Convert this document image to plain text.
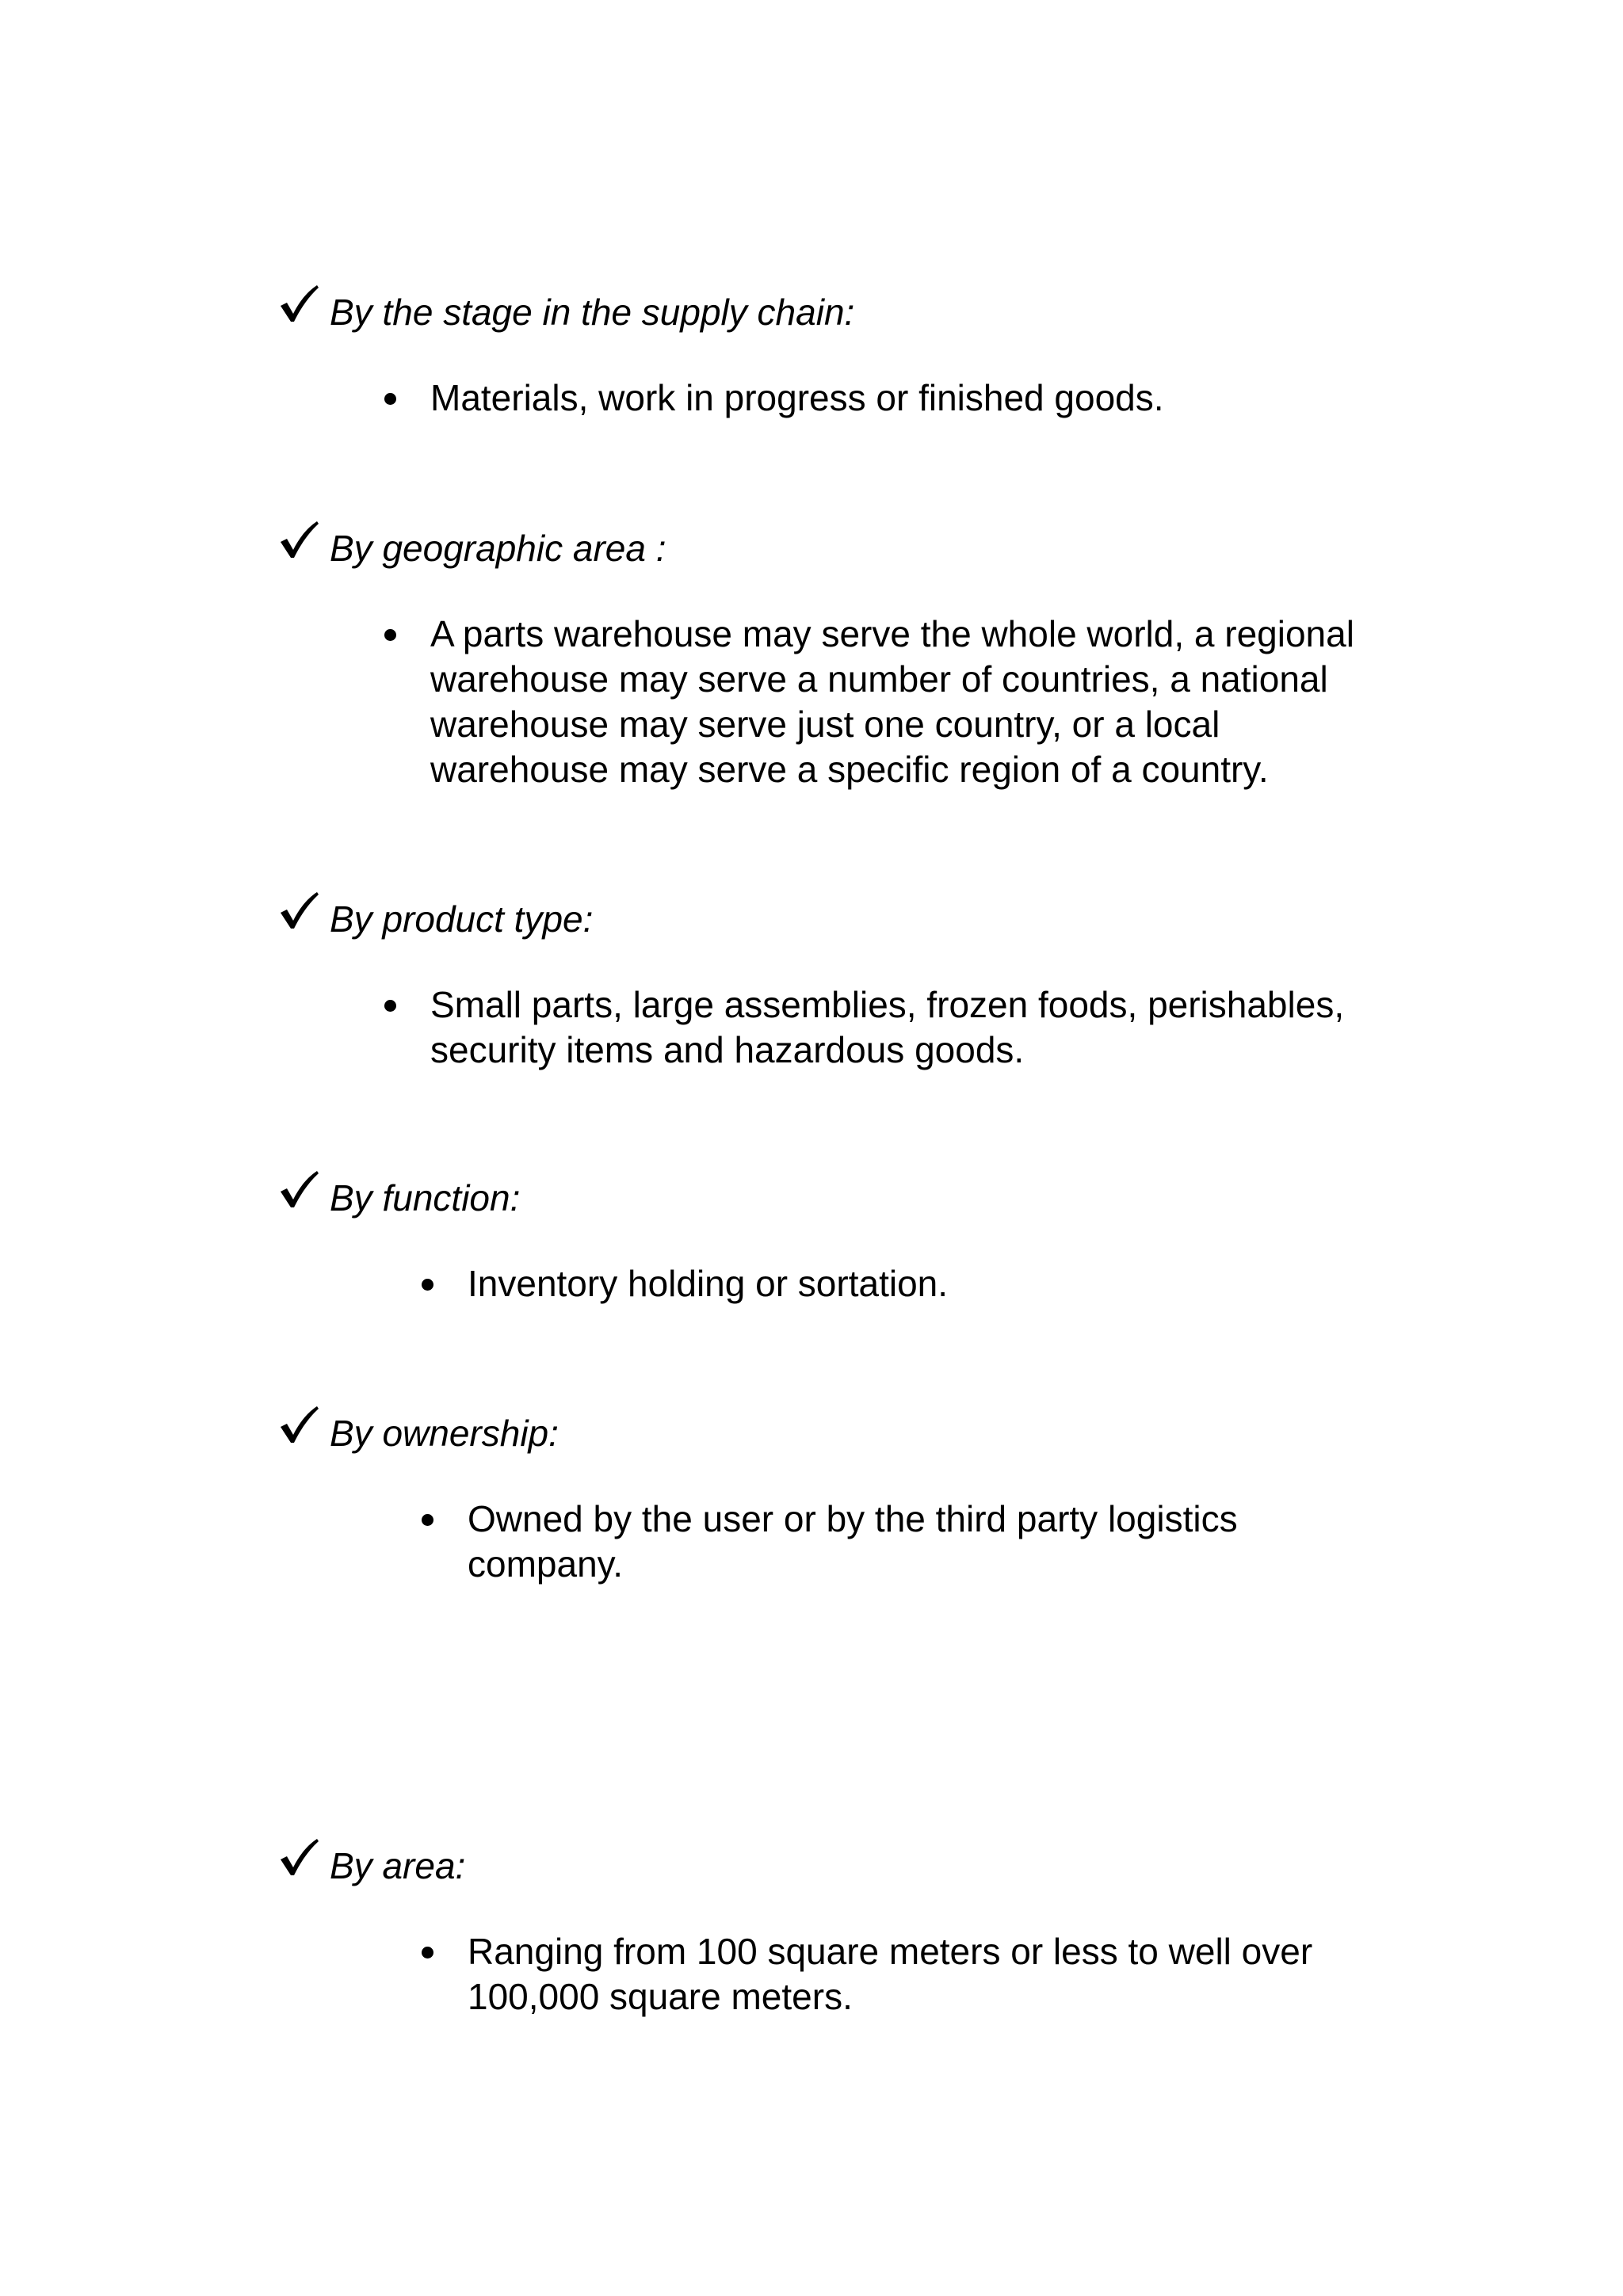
By the stage in the supply chain:
Materials, work in progress or finished goods.
By geographic area :
A parts warehouse may serve the whole world, a regional
warehouse may serve a number of countries, a national
warehouse may serve just one country, or a local
warehouse may serve a specific region of a country.
By product type:
Small parts, large assemblies, frozen foods, perishables,
security items and hazardous goods.
By function:
Inventory holding or sortation.
By ownership:
Owned by the user or by the third party logistics
company.
By area:
Ranging from 100 square meters or less to well over
100,000 square meters.
